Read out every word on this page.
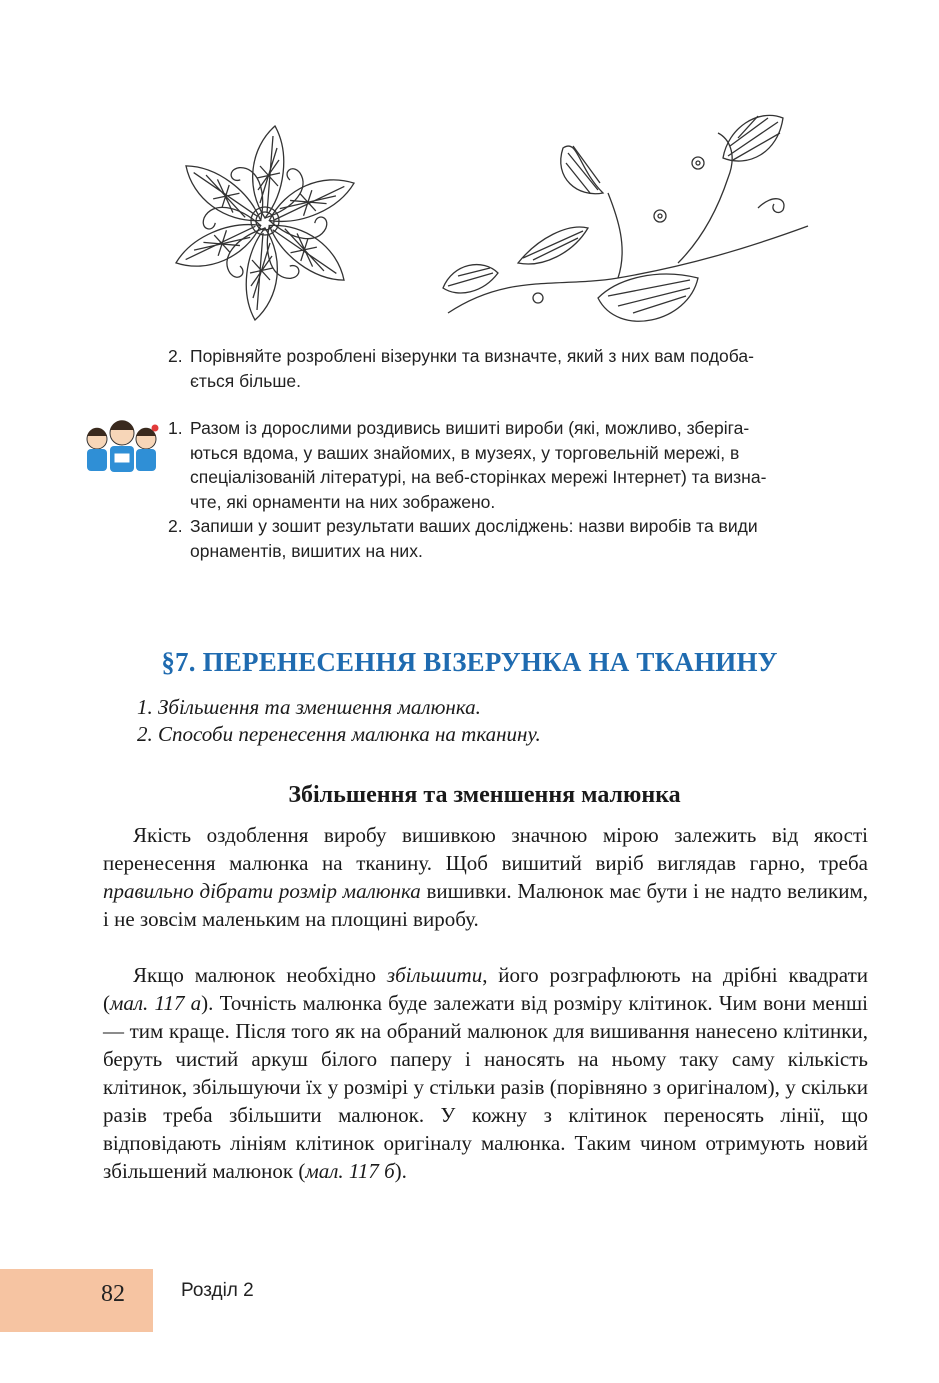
2. Порівняйте розроблені візерунки та визначте, який з них вам подоба-
ється більше.
1. Разом із дорослими роздивись вишиті вироби (які, можливо, зберіга-
ються вдома, у ваших знайомих, в музеях, у торговельній мережі, в
спеціалізованій літературі, на веб-сторінках мережі Інтернет) та визна-
чте, які орнаменти на них зображено.
2. Запиши у зошит результати ваших досліджень: назви виробів та види
орнаментів, вишитих на них.
§7. ПЕРЕНЕСЕННЯ ВІЗЕРУНКА НА ТКАНИНУ
1. Збільшення та зменшення малюнка.
2. Способи перенесення малюнка на тканину.
Збільшення та зменшення малюнка

Якість оздоблення виробу вишивкою значною мірою залежить від якості перенесення малюнка на тканину. Щоб вишитий виріб виглядав гарно, треба правильно дібрати розмір малюнка вишивки. Малюнок має бути і не надто великим, і не зовсім маленьким на площині виробу.

Якщо малюнок необхідно збільшити, його розграфлюють на дрібні квадрати (мал. 117 а). Точність малюнка буде залежати від розміру клітинок. Чим вони менші — тим краще. Після того як на обраний малюнок для вишивання нанесено клітинки, беруть чистий аркуш білого паперу і наносять на ньому таку саму кількість клітинок, збільшуючи їх у розмірі у стільки разів (порівняно з оригіналом), у скільки разів треба збільшити малюнок. У кожну з клітинок переносять лінії, що відповідають лініям клітинок оригіналу малюнка. Таким чином отримують новий збільшений малюнок (мал. 117 б).

82	Розділ 2
